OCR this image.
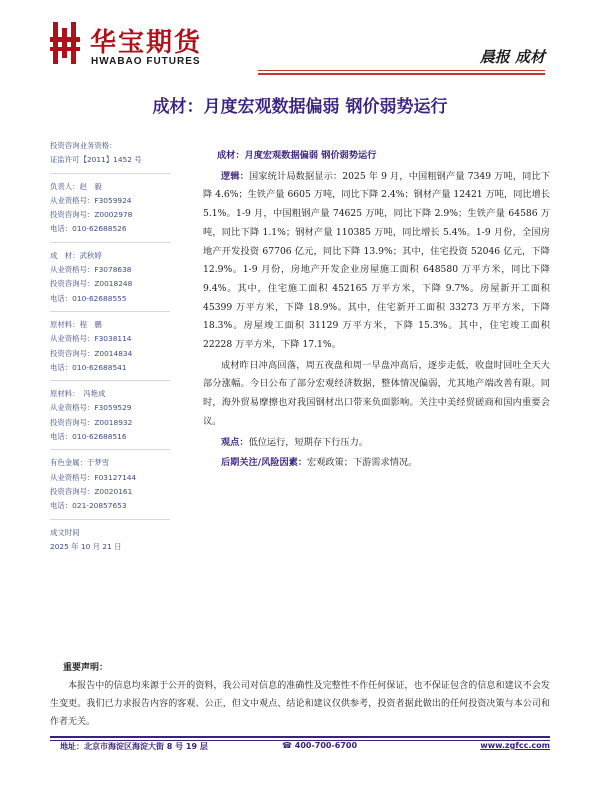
华宝期货
HWABAO FUTURES	晨报 成材
成材：月度宏观数据偏弱 钢价弱势运行
投资咨询业务资格：
证监许可【2011】1452 号
负责人：赵　毅
从业资格号：F3059924
投资咨询号：Z0002978
电话：010-62688526
成　材：武秋婷
从业资格号：F3078638
投资咨询号：Z0018248
电话：010-62688555
原材料：程　鹏
从业资格号：F3038114
投资咨询号：Z0014834
电话：010-62688541
原材料：　冯艳成
从业资格号：F3059529
投资咨询号：Z0018932
电话：010-62688516
有色金属：于梦雪
从业资格号：F03127144
投资咨询号：Z0020161
电话：021-20857653
成文时间
2025 年 10 月 21 日
成材：月度宏观数据偏弱 钢价弱势运行

逻辑：国家统计局数据显示：2025 年 9 月，中国粗钢产量 7349 万吨，同比下降 4.6%；生铁产量 6605 万吨，同比下降 2.4%；钢材产量 12421 万吨，同比增长 5.1%。1-9 月，中国粗钢产量 74625 万吨，同比下降 2.9%；生铁产量 64586 万吨，同比下降 1.1%；钢材产量 110385 万吨，同比增长 5.4%。1-9 月份，全国房地产开发投资 67706 亿元，同比下降 13.9%；其中，住宅投资 52046 亿元，下降 12.9%。1-9 月份，房地产开发企业房屋施工面积 648580 万平方米，同比下降 9.4%。其中，住宅施工面积 452165 万平方米，下降 9.7%。房屋新开工面积 45399 万平方米，下降 18.9%。其中，住宅新开工面积 33273 万平方米，下降 18.3%。房屋竣工面积 31129 万平方米，下降 15.3%。其中，住宅竣工面积 22228 万平方米，下降 17.1%。

成材昨日冲高回落，周五夜盘和周一早盘冲高后，逐步走低，收盘时回吐全天大部分涨幅。今日公布了部分宏观经济数据，整体情况偏弱，尤其地产端改善有限。同时，海外贸易摩擦也对我国钢材出口带来负面影响。关注中美经贸磋商和国内重要会议。

观点：低位运行，短期存下行压力。

后期关注/风险因素：宏观政策；下游需求情况。

重要声明：

本报告中的信息均来源于公开的资料，我公司对信息的准确性及完整性不作任何保证，也不保证包含的信息和建议不会发生变更。我们已力求报告内容的客观、公正，但文中观点、结论和建议仅供参考，投资者据此做出的任何投资决策与本公司和作者无关。

地址：北京市海淀区海淀大街 8 号 19 层	☎ 400-700-6700	www.zgfcc.com
